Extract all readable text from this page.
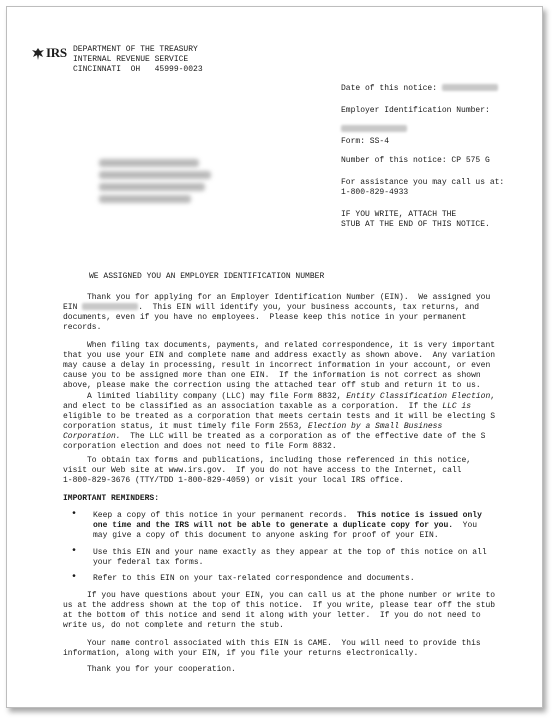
IRS DEPARTMENT OF THE TREASURY
INTERNAL REVENUE SERVICE
CINCINNATI  OH   45999-0023
Date of this notice:
Employer Identification Number:
Form: SS-4
Number of this notice: CP 575 G
For assistance you may call us at:
1-800-829-4933
IF YOU WRITE, ATTACH THE
STUB AT THE END OF THIS NOTICE.
WE ASSIGNED YOU AN EMPLOYER IDENTIFICATION NUMBER
Thank you for applying for an Employer Identification Number (EIN).  We assigned you
EIN	.  This EIN will identify you, your business accounts, tax returns, and
documents, even if you have no employees.  Please keep this notice in your permanent
records.
When filing tax documents, payments, and related correspondence, it is very important
that you use your EIN and complete name and address exactly as shown above.  Any variation
may cause a delay in processing, result in incorrect information in your account, or even
cause you to be assigned more than one EIN.  If the information is not correct as shown
above, please make the correction using the attached tear off stub and return it to us.
A limited liability company (LLC) may file Form 8832, Entity Classification Election,
and elect to be classified as an association taxable as a corporation.  If the LLC is
eligible to be treated as a corporation that meets certain tests and it will be electing S
corporation status, it must timely file Form 2553, Election by a Small Business
Corporation.  The LLC will be treated as a corporation as of the effective date of the S
corporation election and does not need to file Form 8832.
To obtain tax forms and publications, including those referenced in this notice,
visit our Web site at www.irs.gov.  If you do not have access to the Internet, call
1-800-829-3676 (TTY/TDD 1-800-829-4059) or visit your local IRS office.
IMPORTANT REMINDERS:
• Keep a copy of this notice in your permanent records.  This notice is issued only
one time and the IRS will not be able to generate a duplicate copy for you.  You
may give a copy of this document to anyone asking for proof of your EIN.
• Use this EIN and your name exactly as they appear at the top of this notice on all
your federal tax forms.
• Refer to this EIN on your tax-related correspondence and documents.
If you have questions about your EIN, you can call us at the phone number or write to
us at the address shown at the top of this notice.  If you write, please tear off the stub
at the bottom of this notice and send it along with your letter.  If you do not need to
write us, do not complete and return the stub.
Your name control associated with this EIN is CAME.  You will need to provide this
information, along with your EIN, if you file your returns electronically.
Thank you for your cooperation.
